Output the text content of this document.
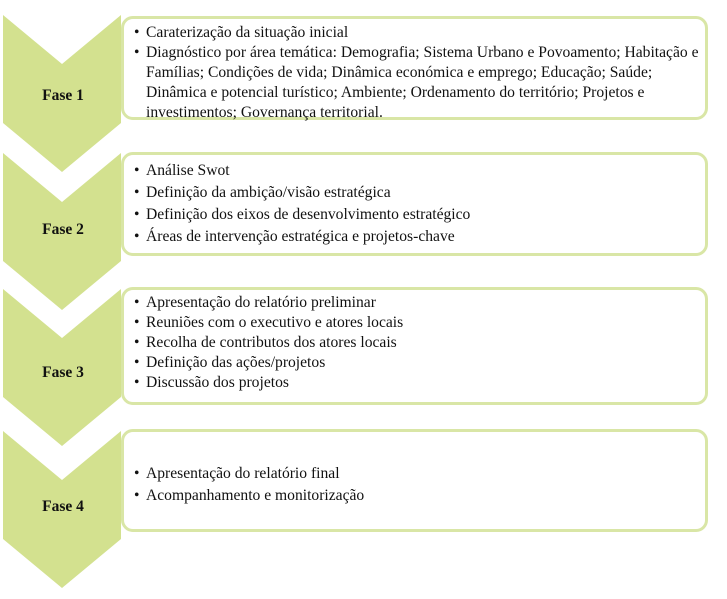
Fase 1
• Caraterização da situação inicial
• Diagnóstico por área temática: Demografia; Sistema Urbano e Povoamento; Habitação e Famílias; Condições de vida; Dinâmica económica e emprego; Educação; Saúde; Dinâmica e potencial turístico; Ambiente; Ordenamento do território; Projetos e investimentos; Governança territorial.
Fase 2
• Análise Swot
• Definição da ambição/visão estratégica
• Definição dos eixos de desenvolvimento estratégico
• Áreas de intervenção estratégica e projetos-chave
Fase 3
• Apresentação do relatório preliminar
• Reuniões com o executivo e atores locais
• Recolha de contributos dos atores locais
• Definição das ações/projetos
• Discussão dos projetos
Fase 4
• Apresentação do relatório final
• Acompanhamento e monitorização
